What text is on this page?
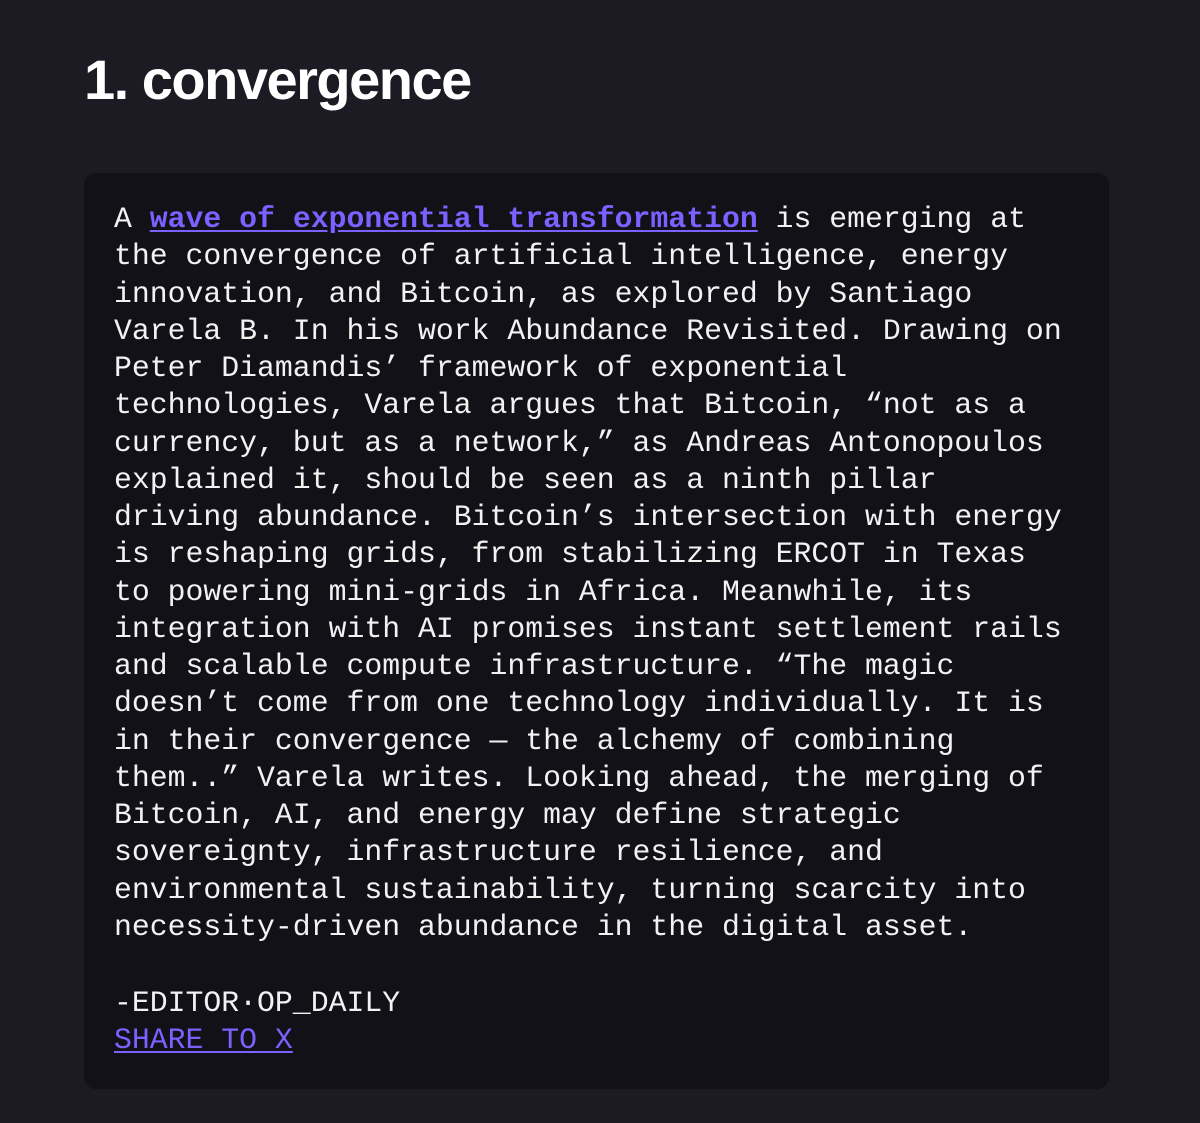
1. convergence
A wave of exponential transformation is emerging at
the convergence of artificial intelligence, energy
innovation, and Bitcoin, as explored by Santiago
Varela B. In his work Abundance Revisited. Drawing on
Peter Diamandis’ framework of exponential
technologies, Varela argues that Bitcoin, “not as a
currency, but as a network,” as Andreas Antonopoulos
explained it, should be seen as a ninth pillar
driving abundance. Bitcoin’s intersection with energy
is reshaping grids, from stabilizing ERCOT in Texas
to powering mini-grids in Africa. Meanwhile, its
integration with AI promises instant settlement rails
and scalable compute infrastructure. “The magic
doesn’t come from one technology individually. It is
in their convergence — the alchemy of combining
them..” Varela writes. Looking ahead, the merging of
Bitcoin, AI, and energy may define strategic
sovereignty, infrastructure resilience, and
environmental sustainability, turning scarcity into
necessity-driven abundance in the digital asset.
-EDITOR·OP_DAILY
SHARE TO X
